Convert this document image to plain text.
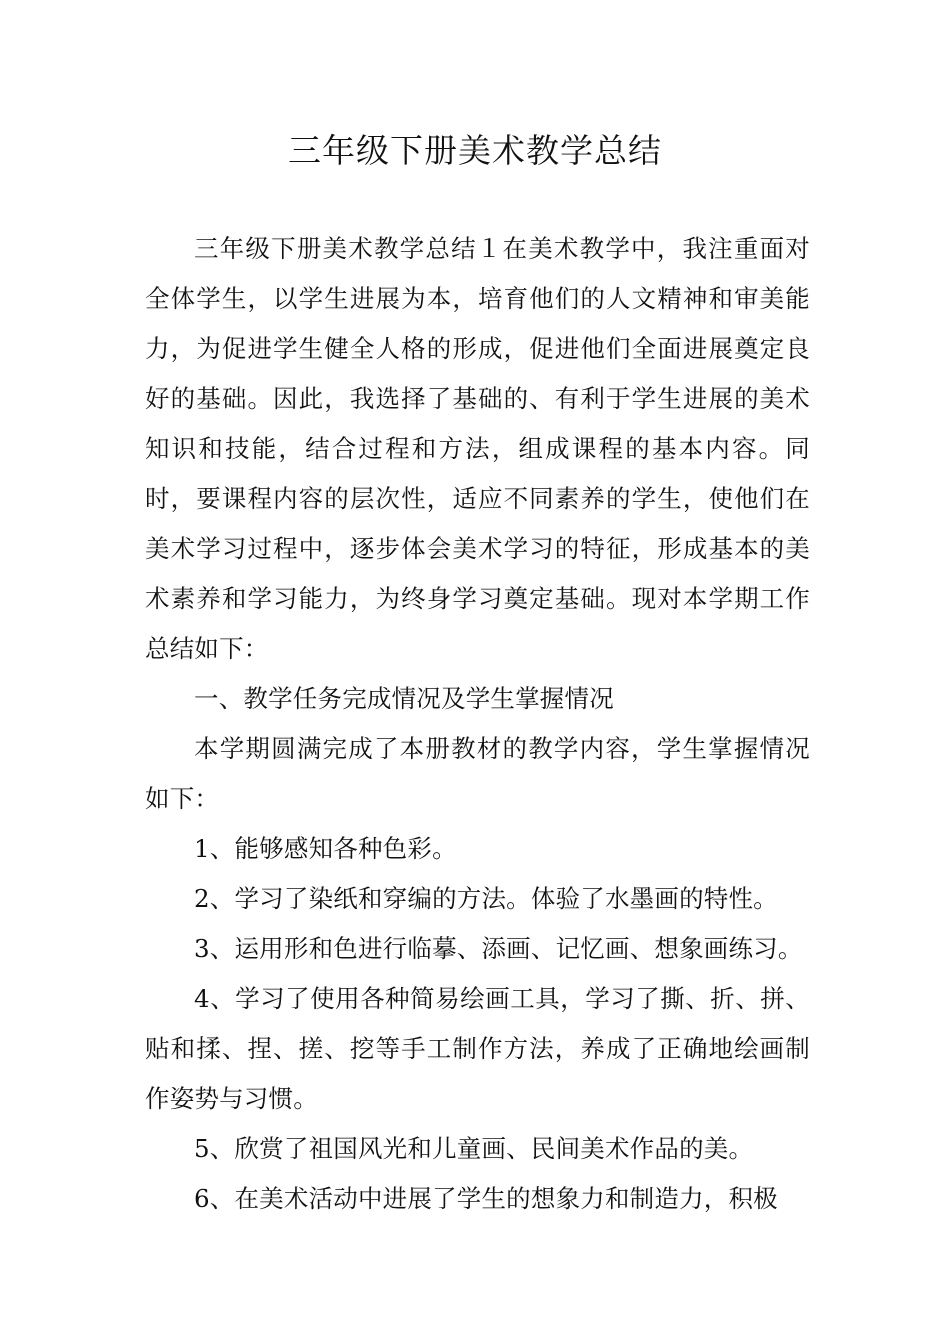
三年级下册美术教学总结

三年级下册美术教学总结１在美术教学中，我注重面对全体学生，以学生进展为本，培育他们的人文精神和审美能力，为促进学生健全人格的形成，促进他们全面进展奠定良好的基础。因此，我选择了基础的、有利于学生进展的美术知识和技能，结合过程和方法，组成课程的基本内容。同时，要课程内容的层次性，适应不同素养的学生，使他们在美术学习过程中，逐步体会美术学习的特征，形成基本的美术素养和学习能力，为终身学习奠定基础。现对本学期工作总结如下：

一、教学任务完成情况及学生掌握情况

本学期圆满完成了本册教材的教学内容，学生掌握情况如下：

1、能够感知各种色彩。

2、学习了染纸和穿编的方法。体验了水墨画的特性。

3、运用形和色进行临摹、添画、记忆画、想象画练习。

4、学习了使用各种简易绘画工具，学习了撕、折、拼、贴和揉、捏、搓、挖等手工制作方法，养成了正确地绘画制作姿势与习惯。

5、欣赏了祖国风光和儿童画、民间美术作品的美。

6、在美术活动中进展了学生的想象力和制造力，积极
